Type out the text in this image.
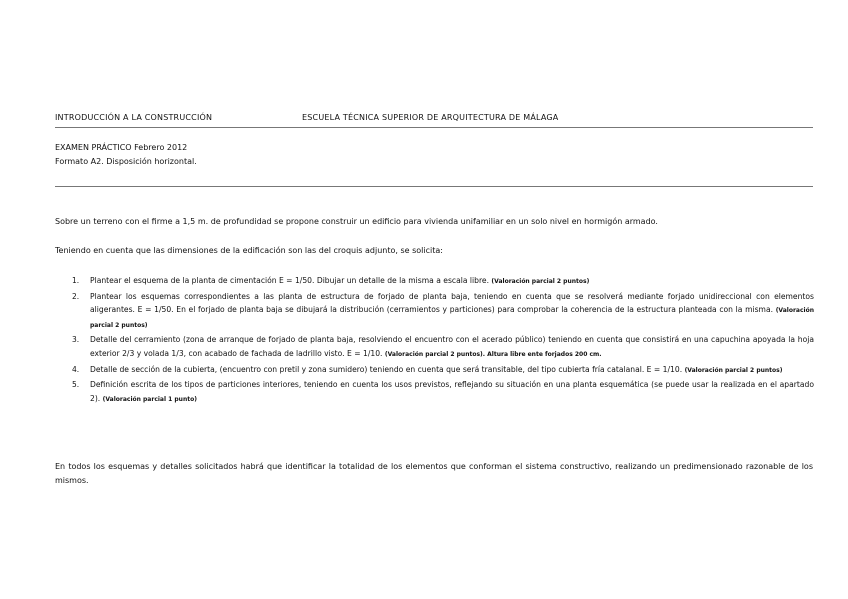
INTRODUCCIÓN A LA CONSTRUCCIÓN	ESCUELA TÉCNICA SUPERIOR DE ARQUITECTURA DE MÁLAGA
EXAMEN PRÁCTICO Febrero 2012
Formato A2. Disposición horizontal.
Sobre un terreno con el firme a 1,5 m. de profundidad se propone construir un edificio para vivienda unifamiliar en un solo nivel en hormigón armado.
Teniendo en cuenta que las dimensiones de la edificación son las del croquis adjunto, se solicita:
1. Plantear el esquema de la planta de cimentación E = 1/50. Dibujar un detalle de la misma a escala libre. (Valoración parcial 2 puntos)
2. Plantear los esquemas correspondientes a las planta de estructura de forjado de planta baja, teniendo en cuenta que se resolverá mediante forjado unidireccional con elementos aligerantes. E = 1/50. En el forjado de planta baja se dibujará la distribución (cerramientos y particiones) para comprobar la coherencia de la estructura planteada con la misma. (Valoración parcial 2 puntos)
3. Detalle del cerramiento (zona de arranque de forjado de planta baja, resolviendo el encuentro con el acerado público) teniendo en cuenta que consistirá en una capuchina apoyada la hoja exterior 2/3 y volada 1/3, con acabado de fachada de ladrillo visto. E = 1/10. (Valoración parcial 2 puntos). Altura libre ente forjados 200 cm.
4. Detalle de sección de la cubierta, (encuentro con pretil y zona sumidero) teniendo en cuenta que será transitable, del tipo cubierta fría catalanal. E = 1/10. (Valoración parcial 2 puntos)
5. Definición escrita de los tipos de particiones interiores, teniendo en cuenta los usos previstos, reflejando su situación en una planta esquemática (se puede usar la realizada en el apartado 2). (Valoración parcial 1 punto)
En todos los esquemas y detalles solicitados habrá que identificar la totalidad de los elementos que conforman el sistema constructivo, realizando un predimensionado razonable de los mismos.
